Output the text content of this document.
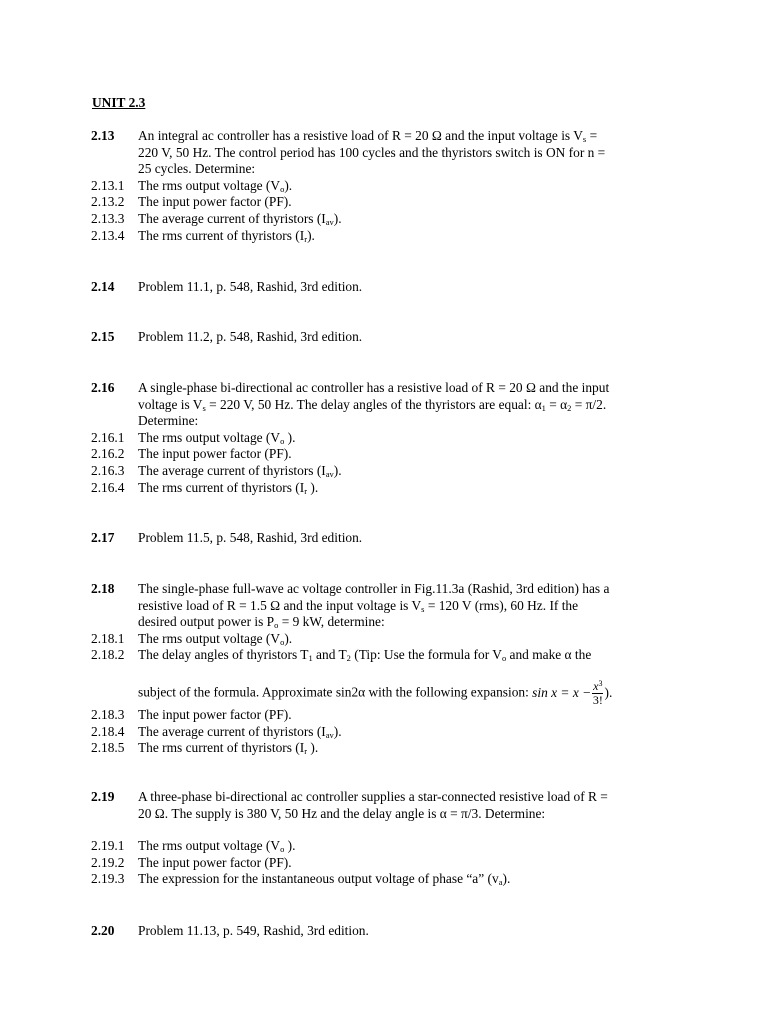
UNIT 2.3
2.13	An integral ac controller has a resistive load of R = 20 Ω and the input voltage is $V_s$ =
220 V, 50 Hz. The control period has 100 cycles and the thyristors switch is ON for n =
25 cycles. Determine:
2.13.1	The rms output voltage $(V_o)$.
2.13.2	The input power factor (PF).
2.13.3	The average current of thyristors $(I_{av})$.
2.13.4	The rms current of thyristors $(I_r)$.
2.14	Problem 11.1, p. 548, Rashid, 3rd edition.
2.15	Problem 11.2, p. 548, Rashid, 3rd edition.
2.16	A single-phase bi-directional ac controller has a resistive load of R = 20 Ω and the input
voltage is $V_s = 220$ V, 50 Hz. The delay angles of the thyristors are equal: $\alpha_1 = \alpha_2 = \pi/2$.
Determine:
2.16.1	The rms output voltage ($V_o$ ).
2.16.2	The input power factor (PF).
2.16.3	The average current of thyristors $(I_{av})$.
2.16.4	The rms current of thyristors ($I_r$ ).
2.17	Problem 11.5, p. 548, Rashid, 3rd edition.
2.18	The single-phase full-wave ac voltage controller in Fig.11.3a (Rashid, 3rd edition) has a
resistive load of R = 1.5 Ω and the input voltage is $V_s = 120$ V (rms), 60 Hz. If the
desired output power is $P_o = 9$ kW, determine:
2.18.1	The rms output voltage $(V_o)$.
2.18.2	The delay angles of thyristors $T_1$ and $T_2$ (Tip: Use the formula for $V_o$ and make α the
subject of the formula. Approximate sin2α with the following expansion: $\sin x = x - \frac{x^3}{3!}$ ).
2.18.3	The input power factor (PF).
2.18.4	The average current of thyristors $(I_{av})$.
2.18.5	The rms current of thyristors ($I_r$ ).
2.19	A three-phase bi-directional ac controller supplies a star-connected resistive load of R =
20 Ω. The supply is 380 V, 50 Hz and the delay angle is α = π/3. Determine:
2.19.1	The rms output voltage ($V_o$ ).
2.19.2	The input power factor (PF).
2.19.3	The expression for the instantaneous output voltage of phase “a” $(v_a)$.
2.20	Problem 11.13, p. 549, Rashid, 3rd edition.
